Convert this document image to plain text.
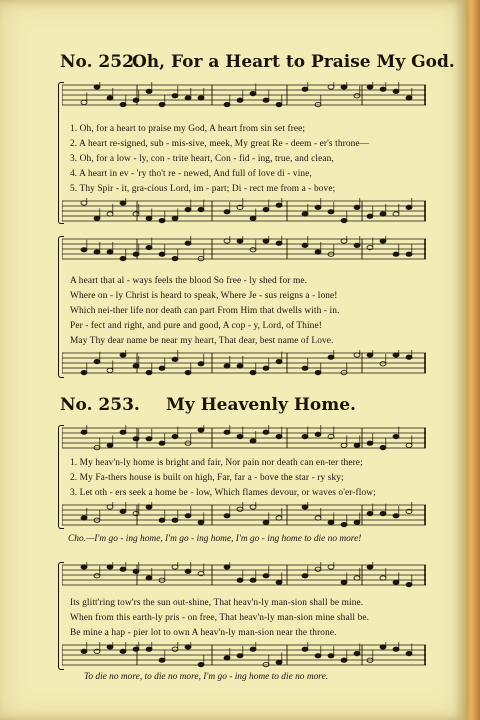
No. 252.
Oh, For a Heart to Praise My God.
1. Oh, for a heart to praise my God, A heart from sin set free;
2. A heart re-signed, sub - mis-sive, meek, My great Re - deem - er's throne—
3. Oh, for a low - ly, con - trite heart, Con - fid - ing, true, and clean,
4. A heart in ev - 'ry tho't re - newed, And full of love di - vine,
5. Thy Spir - it, gra-cious Lord, im - part; Di - rect me from a - bove;
A heart that al - ways feels the blood So free - ly shed for me.
Where on - ly Christ is heard to speak, Where Je - sus reigns a - lone!
Which nei-ther life nor death can part From Him that dwells with - in.
Per - fect and right, and pure and good, A cop - y, Lord, of Thine!
May Thy dear name be near my heart, That dear, best name of Love.
No. 253. My Heavenly Home.
1. My heav'n-ly home is bright and fair, Nor pain nor death can en-ter there;
2. My Fa-thers house is built on high, Far, far a - bove the star - ry sky;
3. Let oth - ers seek a home be - low, Which flames devour, or waves o'er-flow;
Cho.—I'm go - ing home, I'm go - ing home, I'm go - ing home to die no more!
Its glitt'ring tow'rs the sun out-shine, That heav'n-ly man-sion shall be mine.
When from this earth-ly pris - on free, That heav'n-ly man-sion mine shall be.
Be mine a hap - pier lot to own A heav'n-ly man-sion near the throne.
To die no more, to die no more, I'm go - ing home to die no more.
